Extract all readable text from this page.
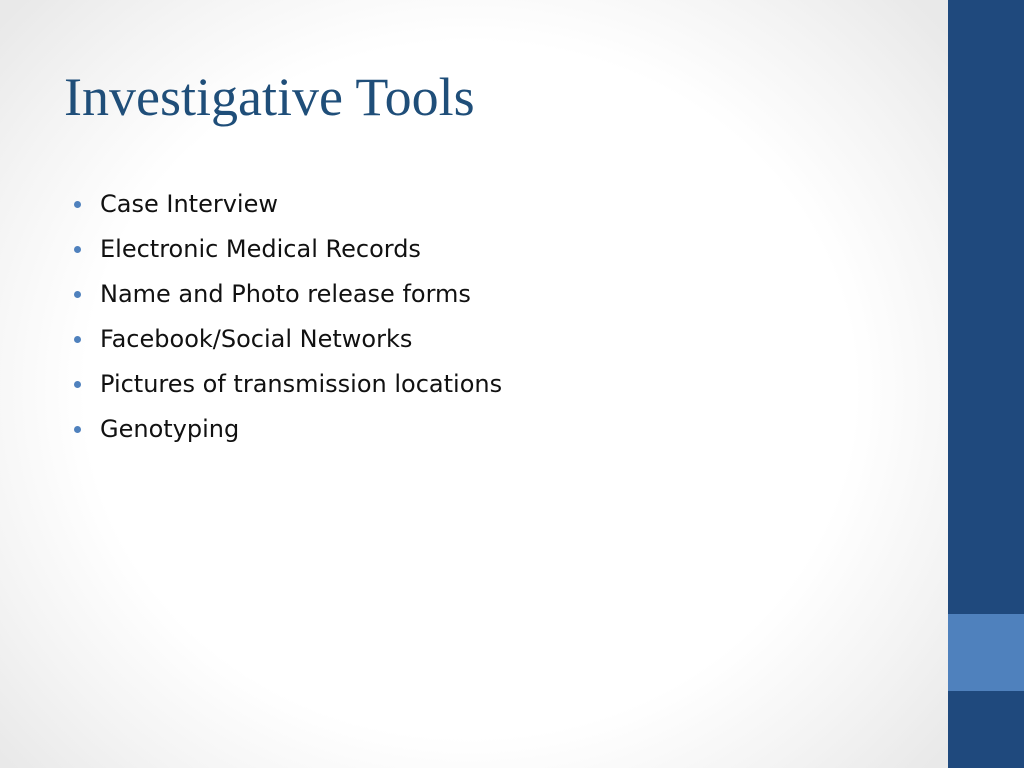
Investigative Tools
Case Interview
Electronic Medical Records
Name and Photo release forms
Facebook/Social Networks
Pictures of transmission locations
Genotyping
